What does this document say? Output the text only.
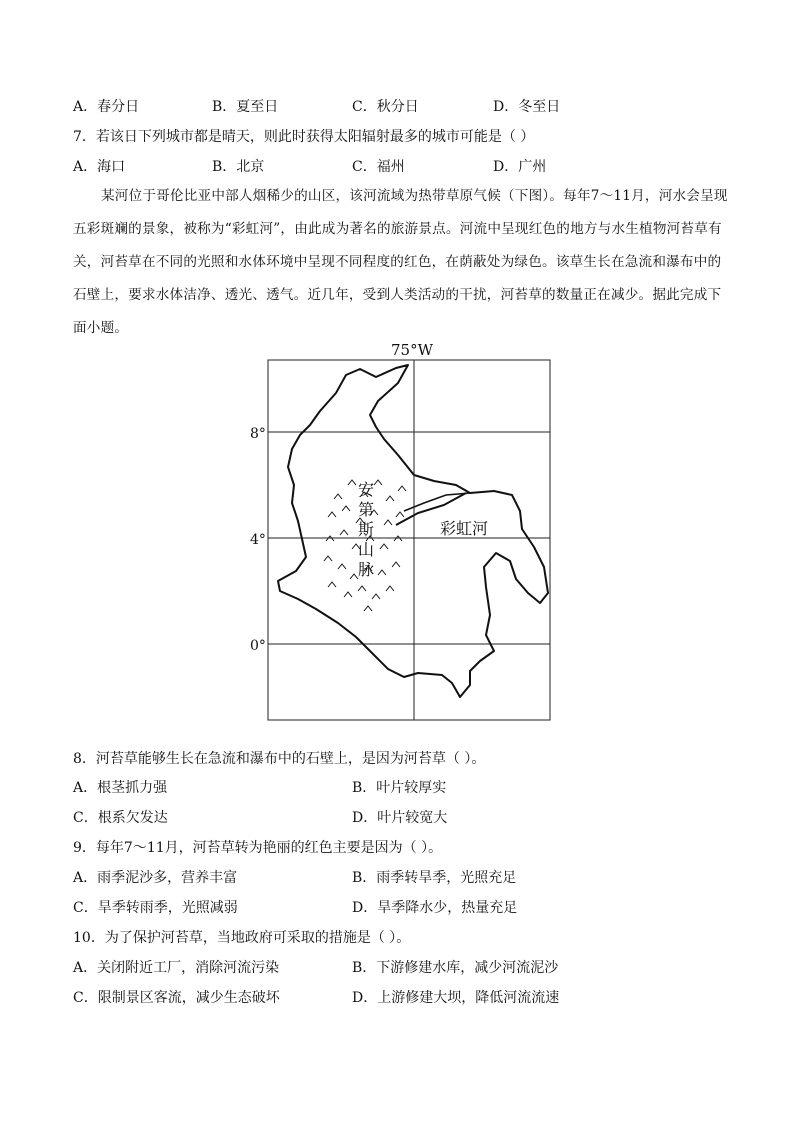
A．春分日	B．夏至日	C．秋分日	D．冬至日
7．若该日下列城市都是晴天，则此时获得太阳辐射最多的城市可能是（ ）
A．海口	B．北京	C．福州	D．广州
某河位于哥伦比亚中部人烟稀少的山区，该河流域为热带草原气候（下图）。每年7～11月，河水会呈现五彩斑斓的景象，被称为“彩虹河”，由此成为著名的旅游景点。河流中呈现红色的地方与水生植物河苔草有关，河苔草在不同的光照和水体环境中呈现不同程度的红色，在荫蔽处为绿色。该草生长在急流和瀑布中的石壁上，要求水体洁净、透光、透气。近几年，受到人类活动的干扰，河苔草的数量正在减少。据此完成下面小题。
75°W
8°
4°
0°
安
第
斯
山
脉
彩虹河
8．河苔草能够生长在急流和瀑布中的石壁上，是因为河苔草（ ）。
A．根茎抓力强	B．叶片较厚实
C．根系欠发达	D．叶片较宽大
9．每年7～11月，河苔草转为艳丽的红色主要是因为（ ）。
A．雨季泥沙多，营养丰富	B．雨季转旱季，光照充足
C．旱季转雨季，光照减弱	D．旱季降水少，热量充足
10．为了保护河苔草，当地政府可采取的措施是（ ）。
A．关闭附近工厂，消除河流污染	B．下游修建水库，减少河流泥沙
C．限制景区客流，减少生态破坏	D．上游修建大坝，降低河流流速
